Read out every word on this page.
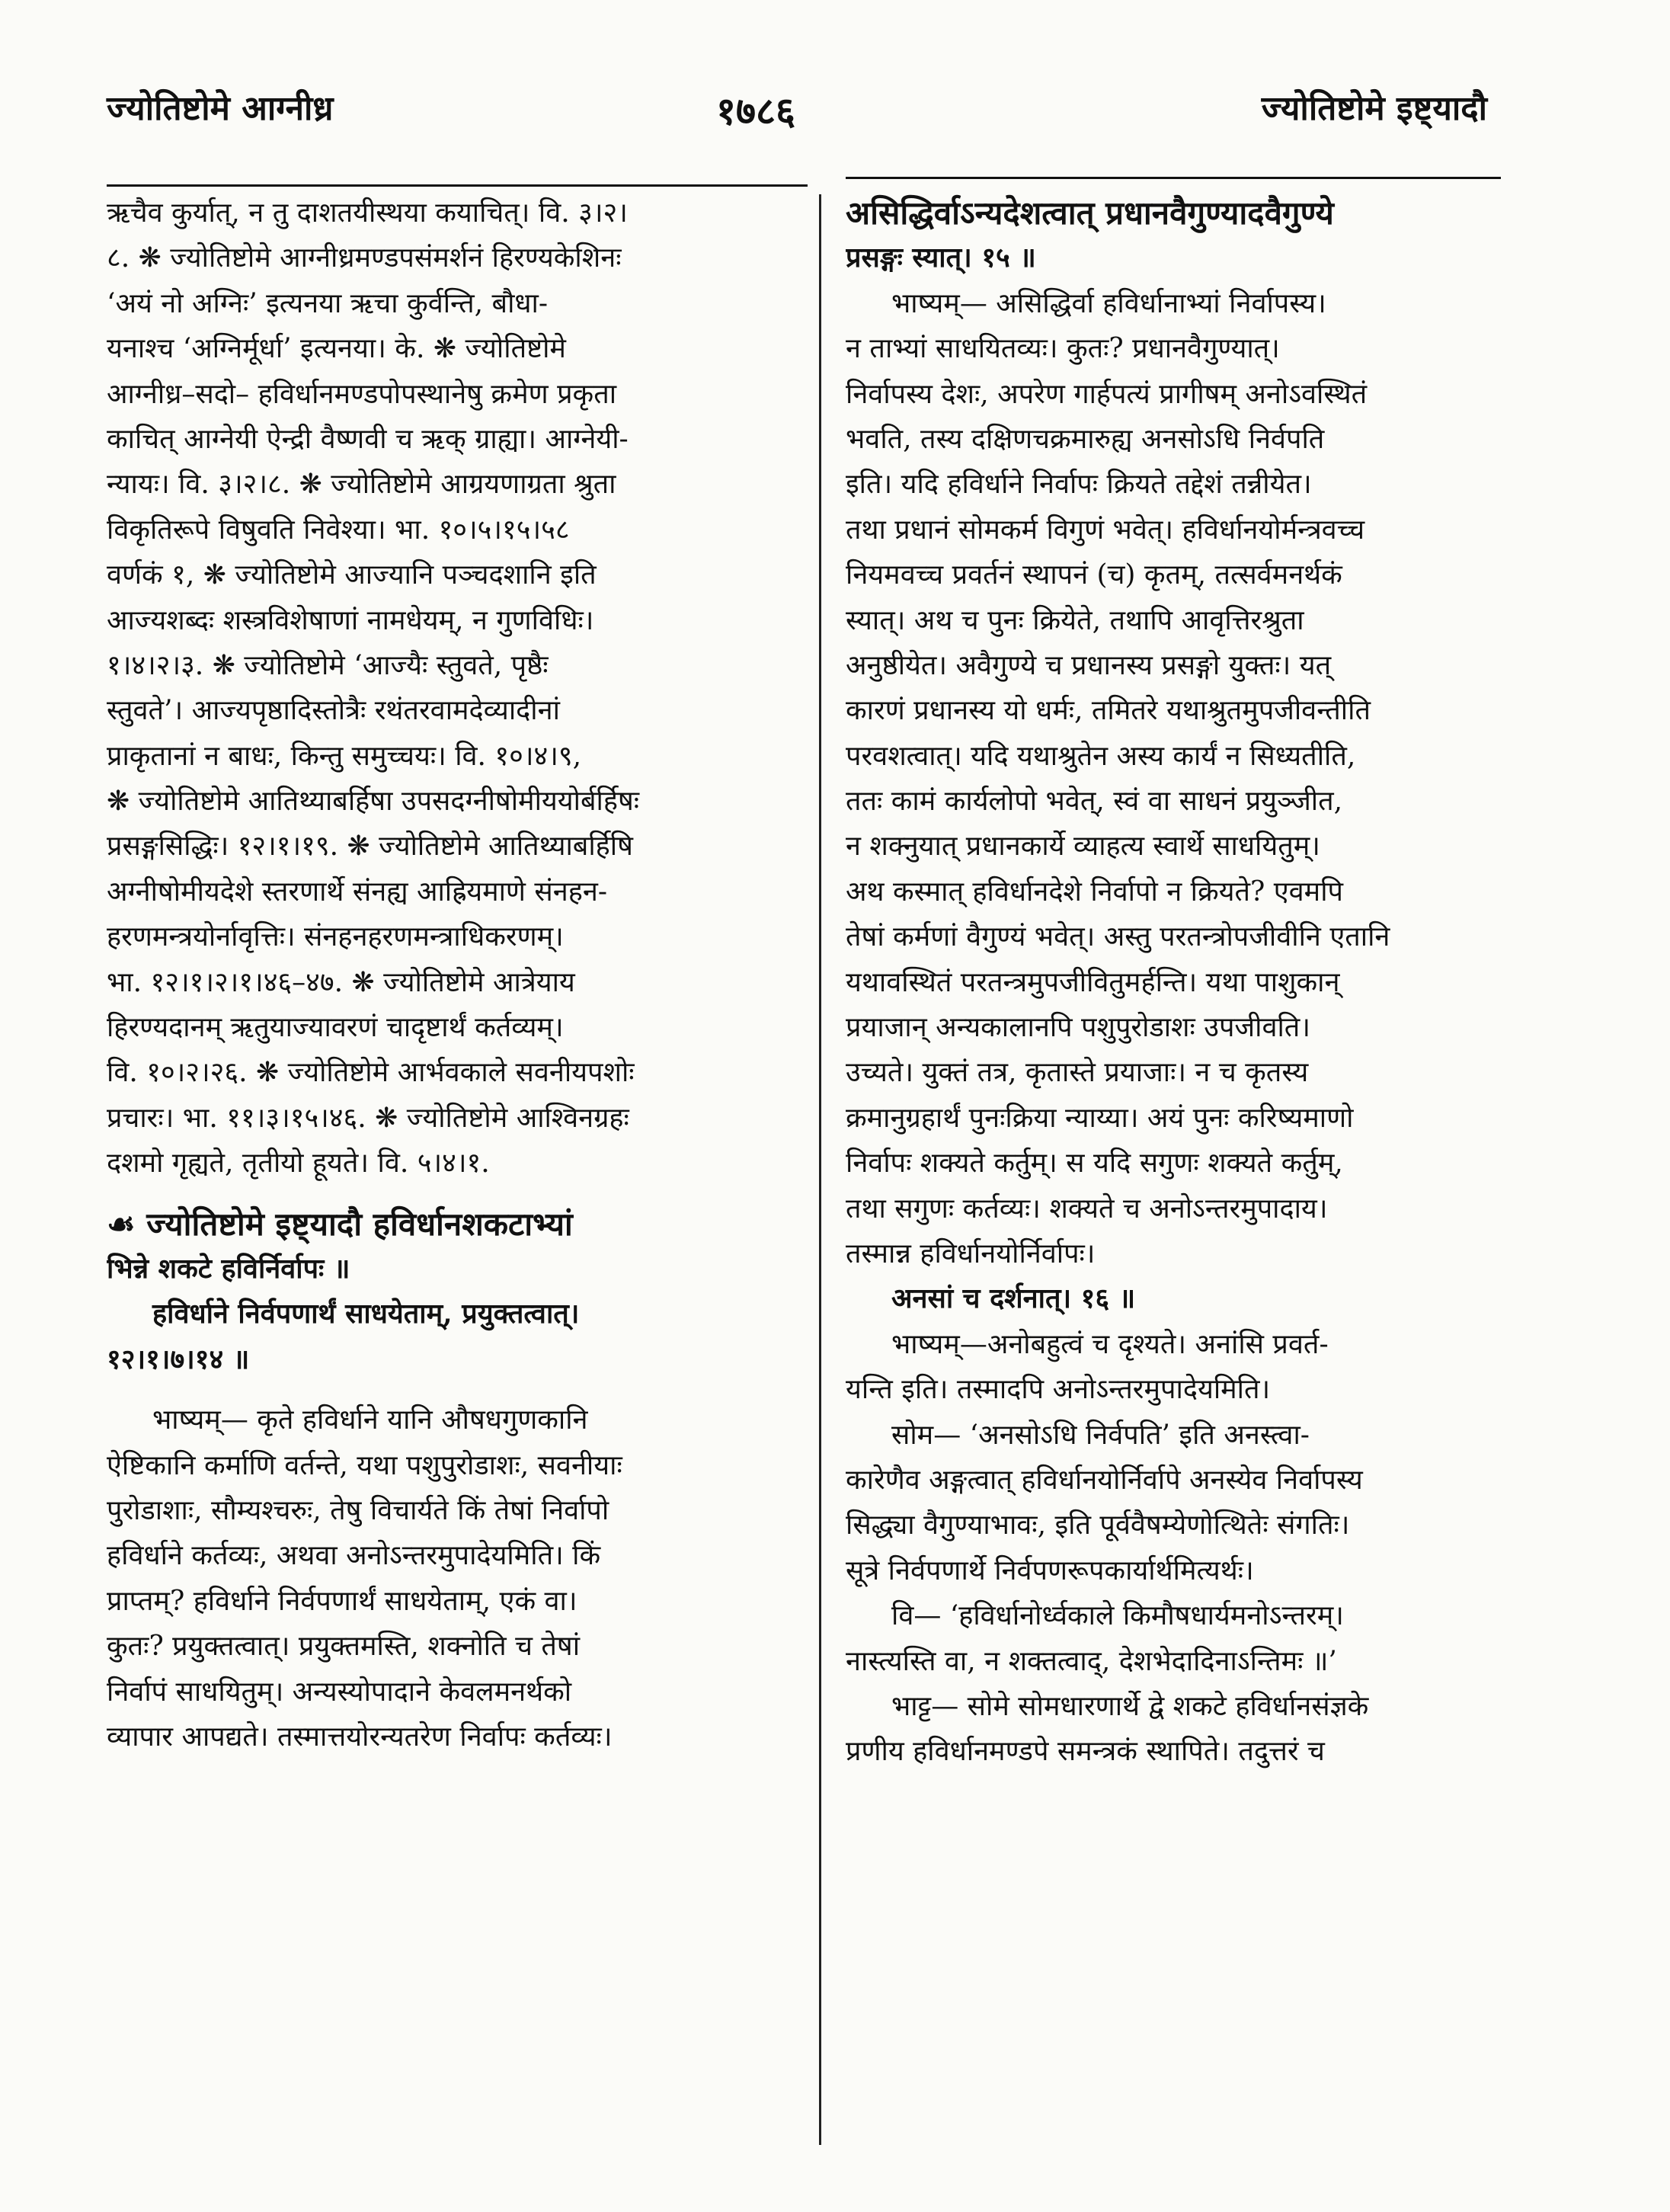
ज्योतिष्टोमे आग्नीध्र	१७८६	ज्योतिष्टोमे इष्ट्यादौ
ऋचैव कुर्यात्, न तु दाशतयीस्थया कयाचित्। वि. ३।२।
८. ❋ ज्योतिष्टोमे आग्नीध्रमण्डपसंमर्शनं हिरण्यकेशिनः
‘अयं नो अग्निः’ इत्यनया ऋचा कुर्वन्ति, बौधा-
यनाश्च ‘अग्निर्मूर्धा’ इत्यनया। के. ❋ ज्योतिष्टोमे
आग्नीध्र–सदो– हविर्धानमण्डपोपस्थानेषु क्रमेण प्रकृता
काचित् आग्नेयी ऐन्द्री वैष्णवी च ऋक् ग्राह्या। आग्नेयी-
न्यायः। वि. ३।२।८. ❋ ज्योतिष्टोमे आग्रयणाग्रता श्रुता
विकृतिरूपे विषुवति निवेश्या। भा. १०।५।१५।५८
वर्णकं १, ❋ ज्योतिष्टोमे आज्यानि पञ्चदशानि इति
आज्यशब्दः शस्त्रविशेषाणां नामधेयम्, न गुणविधिः।
१।४।२।३. ❋ ज्योतिष्टोमे ‘आज्यैः स्तुवते, पृष्ठैः
स्तुवते’। आज्यपृष्ठादिस्तोत्रैः रथंतरवामदेव्यादीनां
प्राकृतानां न बाधः, किन्तु समुच्चयः। वि. १०।४।९,
❋ ज्योतिष्टोमे आतिथ्याबर्हिषा उपसदग्नीषोमीययोर्बर्हिषः
प्रसङ्गसिद्धिः। १२।१।१९. ❋ ज्योतिष्टोमे आतिथ्याबर्हिषि
अग्नीषोमीयदेशे स्तरणार्थे संनह्य आह्रियमाणे संनहन-
हरणमन्त्रयोर्नावृत्तिः। संनहनहरणमन्त्राधिकरणम्।
भा. १२।१।२।१।४६–४७. ❋ ज्योतिष्टोमे आत्रेयाय
हिरण्यदानम् ऋतुयाज्यावरणं चादृष्टार्थं कर्तव्यम्।
वि. १०।२।२६. ❋ ज्योतिष्टोमे आर्भवकाले सवनीयपशोः
प्रचारः। भा. ११।३।१५।४६. ❋ ज्योतिष्टोमे आश्विनग्रहः
दशमो गृह्यते, तृतीयो हूयते। वि. ५।४।१.
☙ ज्योतिष्टोमे इष्ट्यादौ हविर्धानशकटाभ्यां
भिन्ने शकटे हविर्निर्वापः ॥
हविर्धाने निर्वपणार्थं साधयेताम्, प्रयुक्तत्वात्।
१२।१।७।१४ ॥
भाष्यम्— कृते हविर्धाने यानि औषधगुणकानि
ऐष्टिकानि कर्माणि वर्तन्ते, यथा पशुपुरोडाशः, सवनीयाः
पुरोडाशाः, सौम्यश्चरुः, तेषु विचार्यते किं तेषां निर्वापो
हविर्धाने कर्तव्यः, अथवा अनोऽन्तरमुपादेयमिति। किं
प्राप्तम्? हविर्धाने निर्वपणार्थं साधयेताम्, एकं वा।
कुतः? प्रयुक्तत्वात्। प्रयुक्तमस्ति, शक्नोति च तेषां
निर्वापं साधयितुम्। अन्यस्योपादाने केवलमनर्थको
व्यापार आपद्यते। तस्मात्तयोरन्यतरेण निर्वापः कर्तव्यः।
असिद्धिर्वाऽन्यदेशत्वात् प्रधानवैगुण्यादवैगुण्ये
प्रसङ्गः स्यात्। १५ ॥
भाष्यम्— असिद्धिर्वा हविर्धानाभ्यां निर्वापस्य।
न ताभ्यां साधयितव्यः। कुतः? प्रधानवैगुण्यात्।
निर्वापस्य देशः, अपरेण गार्हपत्यं प्रागीषम् अनोऽवस्थितं
भवति, तस्य दक्षिणचक्रमारुह्य अनसोऽधि निर्वपति
इति। यदि हविर्धाने निर्वापः क्रियते तद्देशं तन्नीयेत।
तथा प्रधानं सोमकर्म विगुणं भवेत्। हविर्धानयोर्मन्त्रवच्च
नियमवच्च प्रवर्तनं स्थापनं (च) कृतम्, तत्सर्वमनर्थकं
स्यात्। अथ च पुनः क्रियेते, तथापि आवृत्तिरश्रुता
अनुष्ठीयेत। अवैगुण्ये च प्रधानस्य प्रसङ्गो युक्तः। यत्
कारणं प्रधानस्य यो धर्मः, तमितरे यथाश्रुतमुपजीवन्तीति
परवशत्वात्। यदि यथाश्रुतेन अस्य कार्यं न सिध्यतीति,
ततः कामं कार्यलोपो भवेत्, स्वं वा साधनं प्रयुञ्जीत,
न शक्नुयात् प्रधानकार्ये व्याहत्य स्वार्थे साधयितुम्।
अथ कस्मात् हविर्धानदेशे निर्वापो न क्रियते? एवमपि
तेषां कर्मणां वैगुण्यं भवेत्। अस्तु परतन्त्रोपजीवीनि एतानि
यथावस्थितं परतन्त्रमुपजीवितुमर्हन्ति। यथा पाशुकान्
प्रयाजान् अन्यकालानपि पशुपुरोडाशः उपजीवति।
उच्यते। युक्तं तत्र, कृतास्ते प्रयाजाः। न च कृतस्य
क्रमानुग्रहार्थं पुनःक्रिया न्याय्या। अयं पुनः करिष्यमाणो
निर्वापः शक्यते कर्तुम्। स यदि सगुणः शक्यते कर्तुम्,
तथा सगुणः कर्तव्यः। शक्यते च अनोऽन्तरमुपादाय।
तस्मान्न हविर्धानयोर्निर्वापः।
अनसां च दर्शनात्। १६ ॥
भाष्यम्—अनोबहुत्वं च दृश्यते। अनांसि प्रवर्त-
यन्ति इति। तस्मादपि अनोऽन्तरमुपादेयमिति।
सोम— ‘अनसोऽधि निर्वपति’ इति अनस्त्वा-
कारेणैव अङ्गत्वात् हविर्धानयोर्निर्वापे अनस्येव निर्वापस्य
सिद्ध्या वैगुण्याभावः, इति पूर्ववैषम्येणोत्थितेः संगतिः।
सूत्रे निर्वपणार्थे निर्वपणरूपकार्यार्थमित्यर्थः।
वि— ‘हविर्धानोर्ध्वकाले किमौषधार्यमनोऽन्तरम्।
नास्त्यस्ति वा, न शक्तत्वाद्, देशभेदादिनाऽन्तिमः ॥’
भाट्ट— सोमे सोमधारणार्थे द्वे शकटे हविर्धानसंज्ञके
प्रणीय हविर्धानमण्डपे समन्त्रकं स्थापिते। तदुत्तरं च
